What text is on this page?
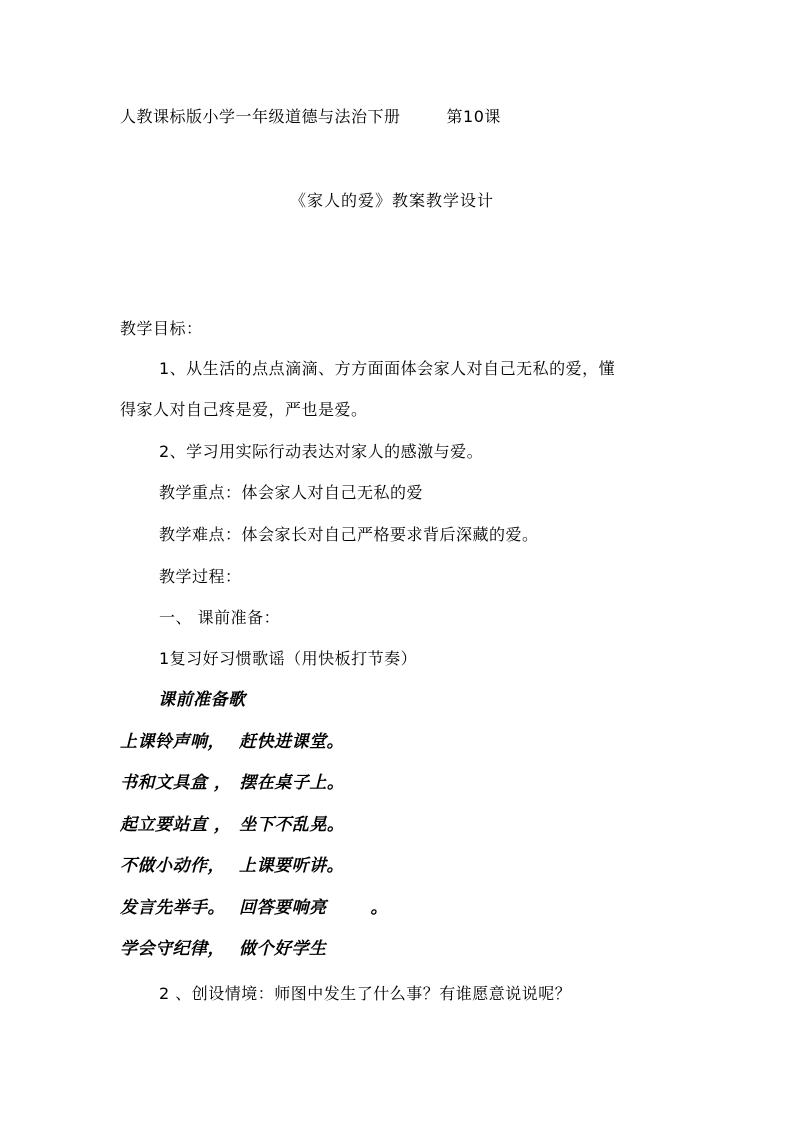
人教课标版小学一年级道德与法治下册	第10课
《家人的爱》教案教学设计
教学目标：
1、从生活的点点滴滴、方方面面体会家人对自己无私的爱，懂
得家人对自己疼是爱，严也是爱。
2、学习用实际行动表达对家人的感激与爱。
教学重点：体会家人对自己无私的爱
教学难点：体会家长对自己严格要求背后深藏的爱。
教学过程：
一、 课前准备：
1复习好习惯歌谣（用快板打节奏）
课前准备歌
上课铃声响， 赶快进课堂。
书和文具盒 ， 摆在桌子上。
起立要站直 ， 坐下不乱晃。
不做小动作， 上课要听讲。
发言先举手。 回答要响亮	。
学会守纪律， 做个好学生
2 、创设情境：师图中发生了什么事？有谁愿意说说呢？
